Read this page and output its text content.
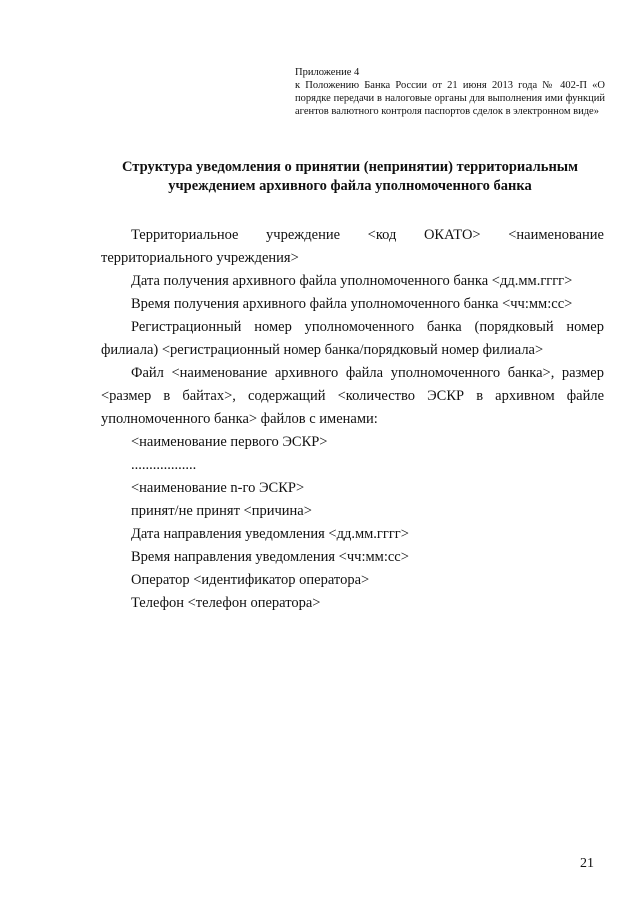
Приложение 4
к Положению Банка России от 21 июня 2013 года № 402-П «О порядке передачи в налоговые органы для выполнения ими функций агентов валютного контроля паспортов сделок в электронном виде»
Структура уведомления о принятии (непринятии) территориальным
учреждением архивного файла уполномоченного банка

Территориальное учреждение <код ОКАТО> <наименование территориального учреждения>

Дата получения архивного файла уполномоченного банка <дд.мм.гггг>

Время получения архивного файла уполномоченного банка <чч:мм:сс>

Регистрационный номер уполномоченного банка (порядковый номер филиала) <регистрационный номер банка/порядковый номер филиала>

Файл <наименование архивного файла уполномоченного банка>, размер <размер в байтах>, содержащий <количество ЭСКР в архивном файле уполномоченного банка> файлов с именами:

<наименование первого ЭСКР>

..................

<наименование n-го ЭСКР>

принят/не принят <причина>

Дата направления уведомления <дд.мм.гггг>

Время направления уведомления <чч:мм:сс>

Оператор <идентификатор оператора>

Телефон <телефон оператора>

21
